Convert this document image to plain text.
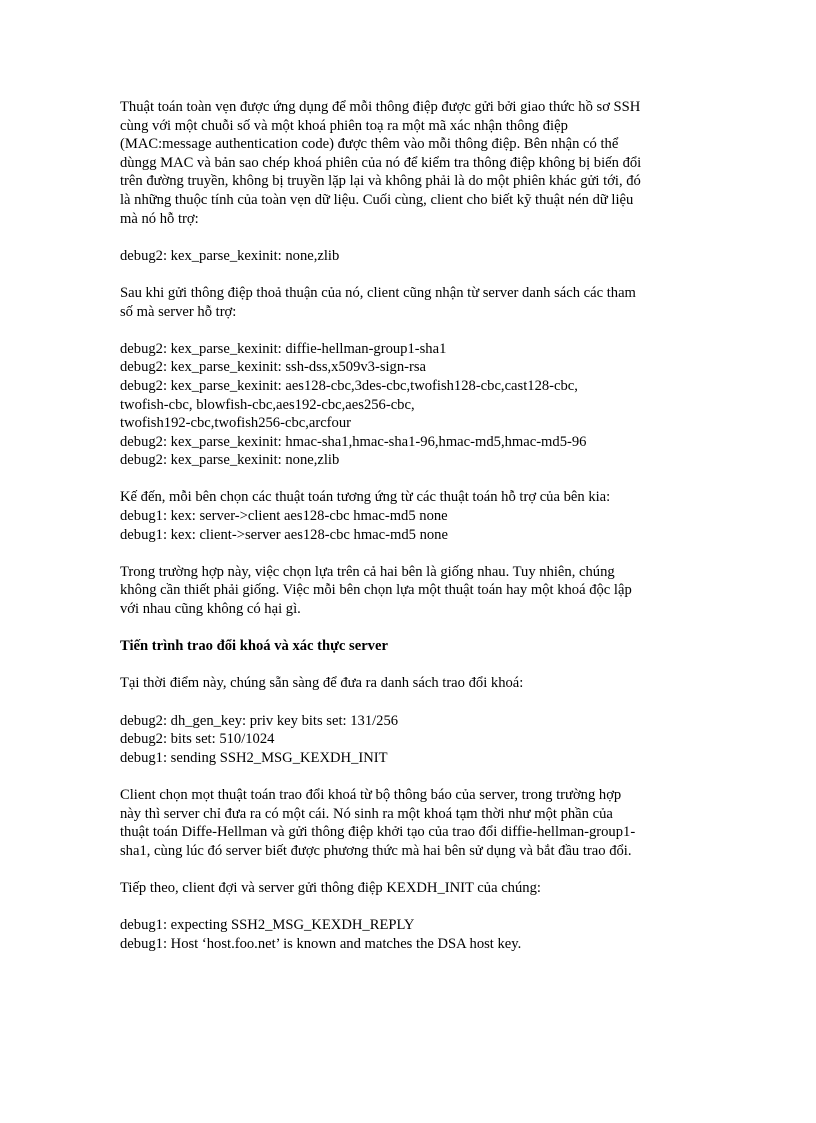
Thuật toán toàn vẹn được ứng dụng để mỗi thông điệp được gửi bởi giao thức hồ sơ SSH
cùng với một chuỗi số và một khoá phiên toạ ra một mã xác nhận thông điệp
(MAC:message authentication code) được thêm vào mỗi thông điệp. Bên nhận có thể
dùngg MAC và bản sao chép khoá phiên của nó để kiểm tra thông điệp không bị biến đổi
trên đường truyền, không bị truyền lặp lại và không phải là do một phiên khác gửi tới, đó
là những thuộc tính của toàn vẹn dữ liệu. Cuối cùng, client cho biết kỹ thuật nén dữ liệu
mà nó hỗ trợ:
debug2: kex_parse_kexinit: none,zlib
Sau khi gửi thông điệp thoả thuận của nó, client cũng nhận từ server danh sách các tham
số mà server hỗ trợ:
debug2: kex_parse_kexinit: diffie-hellman-group1-sha1
debug2: kex_parse_kexinit: ssh-dss,x509v3-sign-rsa
debug2: kex_parse_kexinit: aes128-cbc,3des-cbc,twofish128-cbc,cast128-cbc,
twofish-cbc, blowfish-cbc,aes192-cbc,aes256-cbc,
twofish192-cbc,twofish256-cbc,arcfour
debug2: kex_parse_kexinit: hmac-sha1,hmac-sha1-96,hmac-md5,hmac-md5-96
debug2: kex_parse_kexinit: none,zlib
Kế đến, mỗi bên chọn các thuật toán tương ứng từ các thuật toán hỗ trợ của bên kia:
debug1: kex: server->client aes128-cbc hmac-md5 none
debug1: kex: client->server aes128-cbc hmac-md5 none
Trong trường hợp này, việc chọn lựa trên cả hai bên là giống nhau. Tuy nhiên, chúng
không cần thiết phải giống. Việc mỗi bên chọn lựa một thuật toán hay một khoá độc lập
với nhau cũng không có hại gì.
Tiến trình trao đổi khoá và xác thực server
Tại thời điểm này, chúng sẵn sàng để đưa ra danh sách trao đổi khoá:
debug2: dh_gen_key: priv key bits set: 131/256
debug2: bits set: 510/1024
debug1: sending SSH2_MSG_KEXDH_INIT
Client chọn mọt thuật toán trao đổi khoá từ bộ thông báo của server, trong trường hợp
này thì server chỉ đưa ra có một cái. Nó sinh ra một khoá tạm thời như một phần của
thuật toán Diffe-Hellman và gửi thông điệp khởi tạo của trao đổi diffie-hellman-group1-
sha1, cùng lúc đó server biết được phương thức mà hai bên sử dụng và bắt đầu trao đổi.
Tiếp theo, client đợi và server gửi thông điệp KEXDH_INIT của chúng:
debug1: expecting SSH2_MSG_KEXDH_REPLY
debug1: Host ‘host.foo.net’ is known and matches the DSA host key.
